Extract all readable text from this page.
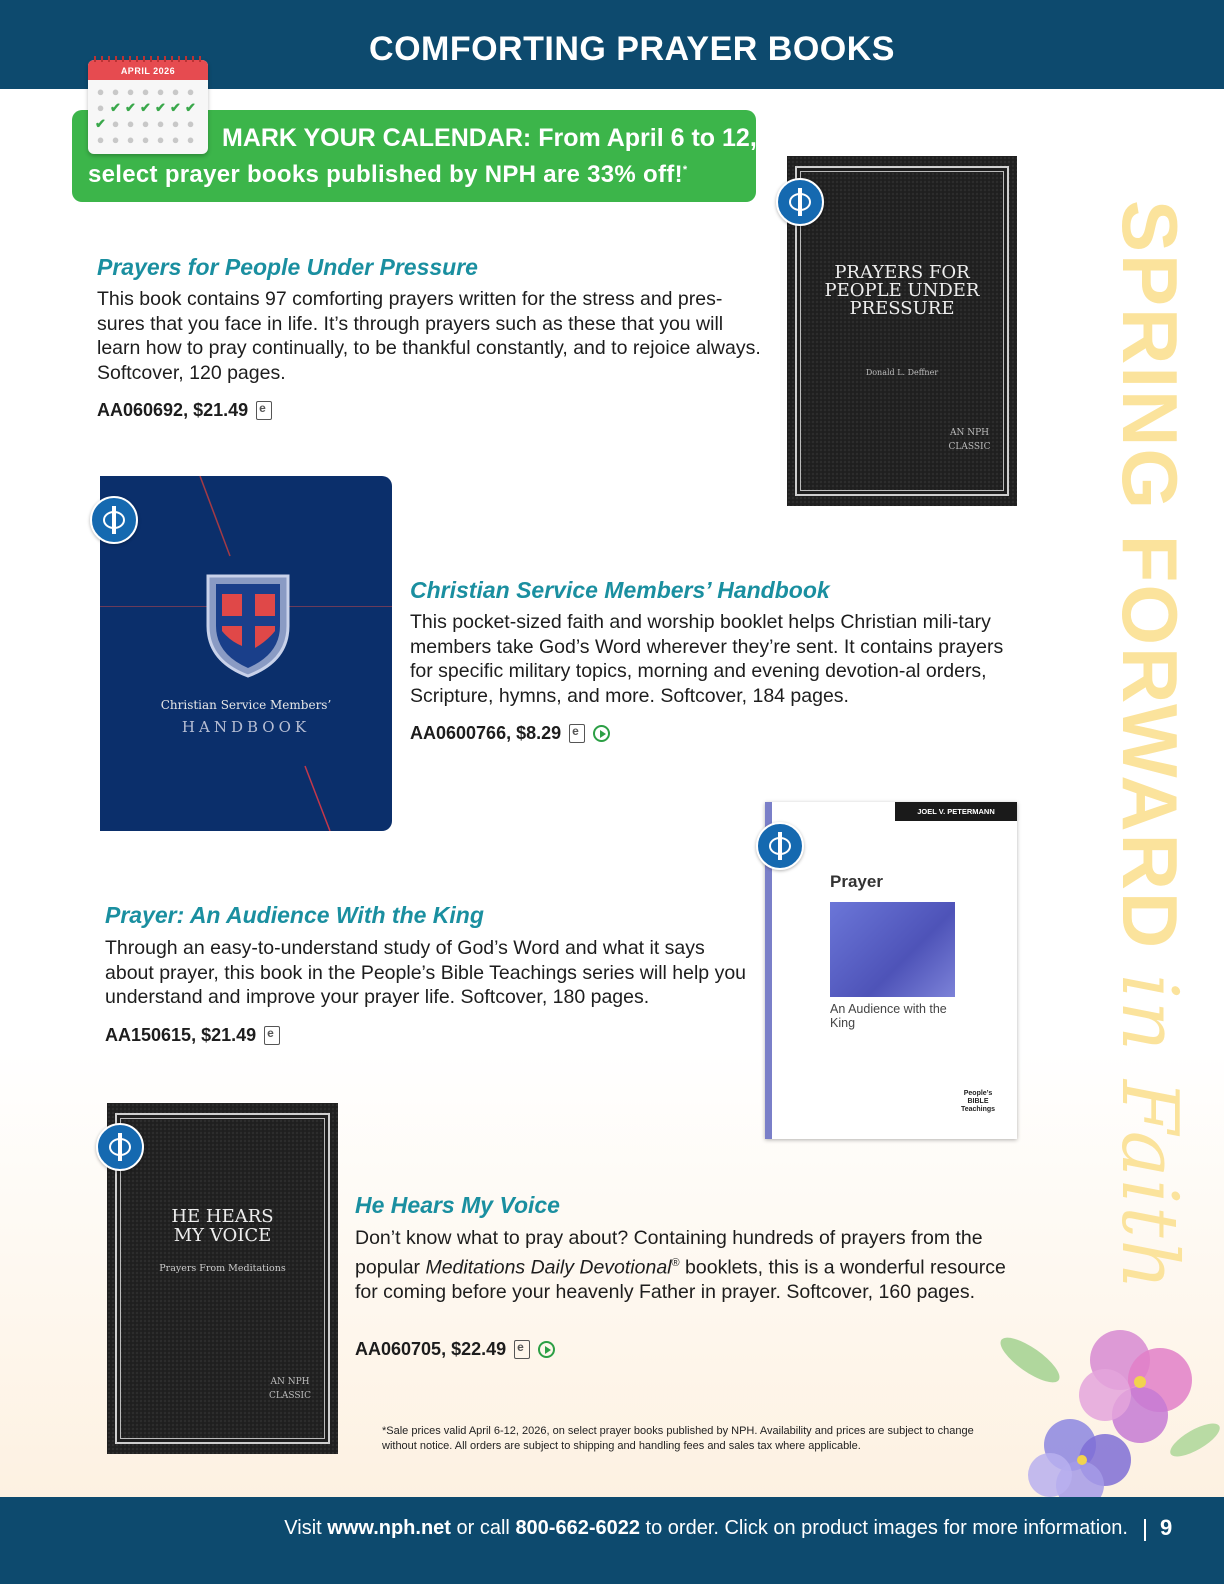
COMFORTING PRAYER BOOKS
MARK YOUR CALENDAR: From April 6 to 12,
select prayer books published by NPH are 33% off!*
APRIL 2026
● ● ● ● ● ● ●
● ✔ ✔ ✔ ✔ ✔ ✔
✔ ● ● ● ● ● ●
● ● ● ● ● ● ●
SPRING FORWARD in Faith
Prayers for People Under Pressure
This book contains 97 comforting prayers written for the stress and pres-sures that you face in life. It’s through prayers such as these that you will learn how to pray continually, to be thankful constantly, and to rejoice always. Softcover, 120 pages.
AA060692, $21.49
e
PRAYERS FOR PEOPLE UNDER PRESSURE
Donald L. Deffner
AN NPH CLASSIC
Christian Service Members’
HANDBOOK
Christian Service Members’ Handbook
This pocket-sized faith and worship booklet helps Christian mili-tary members take God’s Word wherever they’re sent. It contains prayers for specific military topics, morning and evening devotion-al orders, Scripture, hymns, and more. Softcover, 184 pages.
AA0600766, $8.29
e
JOEL V. PETERMANN
Prayer
An Audience with the King
People’s BIBLE Teachings
Prayer: An Audience With the King
Through an easy-to-understand study of God’s Word and what it says about prayer, this book in the People’s Bible Teachings series will help you understand and improve your prayer life. Softcover, 180 pages.
AA150615, $21.49
e
HE HEARS MY VOICE
Prayers From Meditations
AN NPH CLASSIC
He Hears My Voice
Don’t know what to pray about? Containing hundreds of prayers from the popular Meditations Daily Devotional® booklets, this is a wonderful resource for coming before your heavenly Father in prayer. Softcover, 160 pages.
AA060705, $22.49
e
*Sale prices valid April 6-12, 2026, on select prayer books published by NPH. Availability and prices are subject to change without notice. All orders are subject to shipping and handling fees and sales tax where applicable.
Visit www.nph.net or call 800-662-6022 to order. Click on product images for more information. 9
